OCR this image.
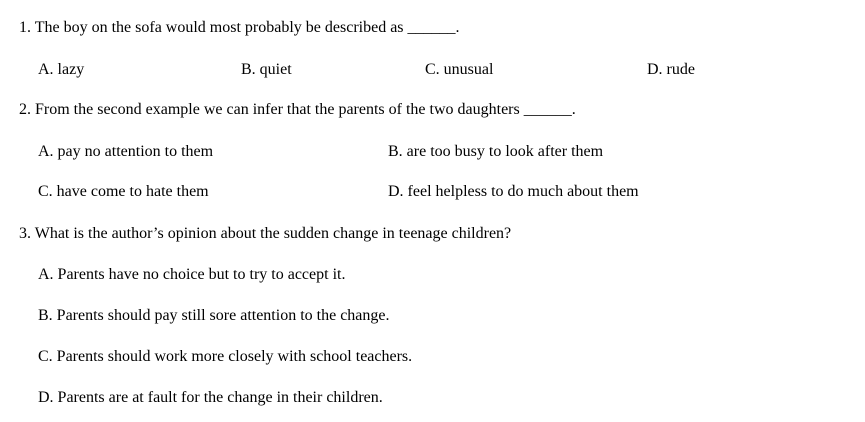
1. The boy on the sofa would most probably be described as ______.
A. lazy	B. quiet	C. unusual	D. rude
2. From the second example we can infer that the parents of the two daughters ______.
A. pay no attention to them	B. are too busy to look after them
C. have come to hate them	D. feel helpless to do much about them
3. What is the author’s opinion about the sudden change in teenage children?
A. Parents have no choice but to try to accept it.
B. Parents should pay still sore attention to the change.
C. Parents should work more closely with school teachers.
D. Parents are at fault for the change in their children.
